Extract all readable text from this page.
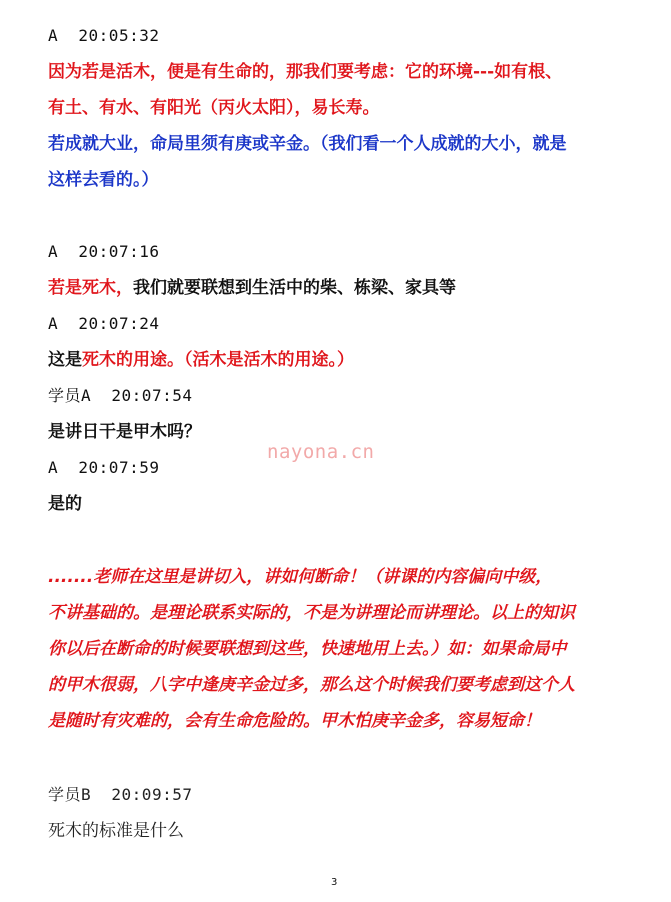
A 20:05:32
因为若是活木，便是有生命的，那我们要考虑：它的环境---如有根、
有土、有水、有阳光（丙火太阳），易长寿。
若成就大业，命局里须有庚或辛金。（我们看一个人成就的大小，就是
这样去看的。）
A 20:07:16
若是死木，我们就要联想到生活中的柴、栋梁、家具等
A 20:07:24
这是死木的用途。（活木是活木的用途。）
学员A 20:07:54
是讲日干是甲木吗？
A 20:07:59
是的
.......老师在这里是讲切入，讲如何断命！（讲课的内容偏向中级，
不讲基础的。是理论联系实际的，不是为讲理论而讲理论。以上的知识
你以后在断命的时候要联想到这些，快速地用上去。）如：如果命局中
的甲木很弱，八字中逢庚辛金过多，那么这个时候我们要考虑到这个人
是随时有灾难的，会有生命危险的。甲木怕庚辛金多，容易短命！
学员B 20:09:57
死木的标准是什么
nayona.cn
3
